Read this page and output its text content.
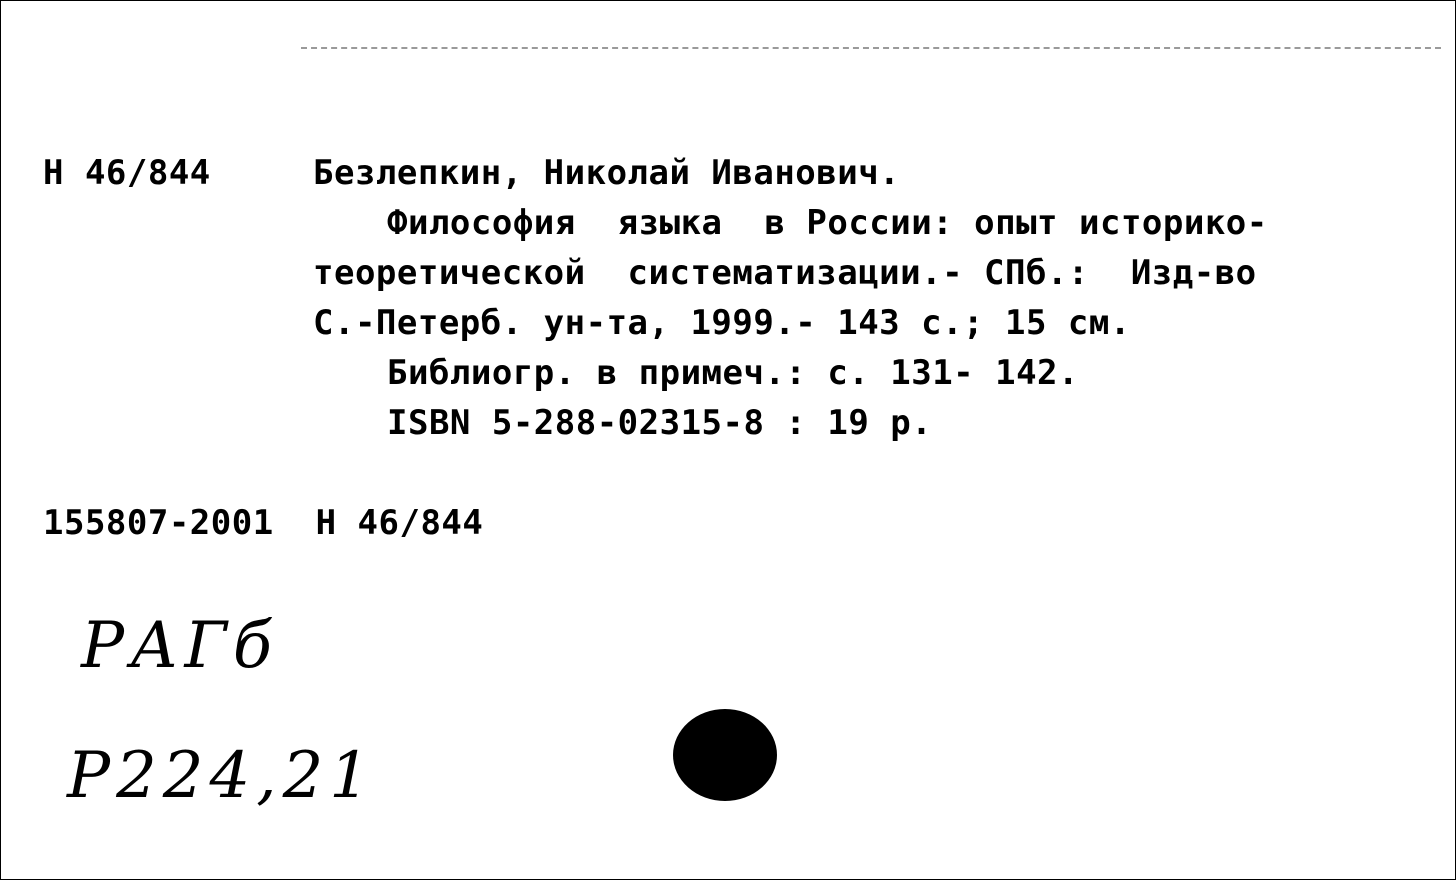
Н 46/844	Безлепкин, Николай Иванович.
Философия  языка  в России: опыт историко-
теоретической  систематизации.- СПб.:  Изд-во
С.-Петерб. ун-та, 1999.- 143 с.; 15 см.
Библиогр. в примеч.: с. 131- 142.
ISBN 5-288-02315-8 : 19 р.
155807-2001  Н 46/844
РАГб
Р224,21
